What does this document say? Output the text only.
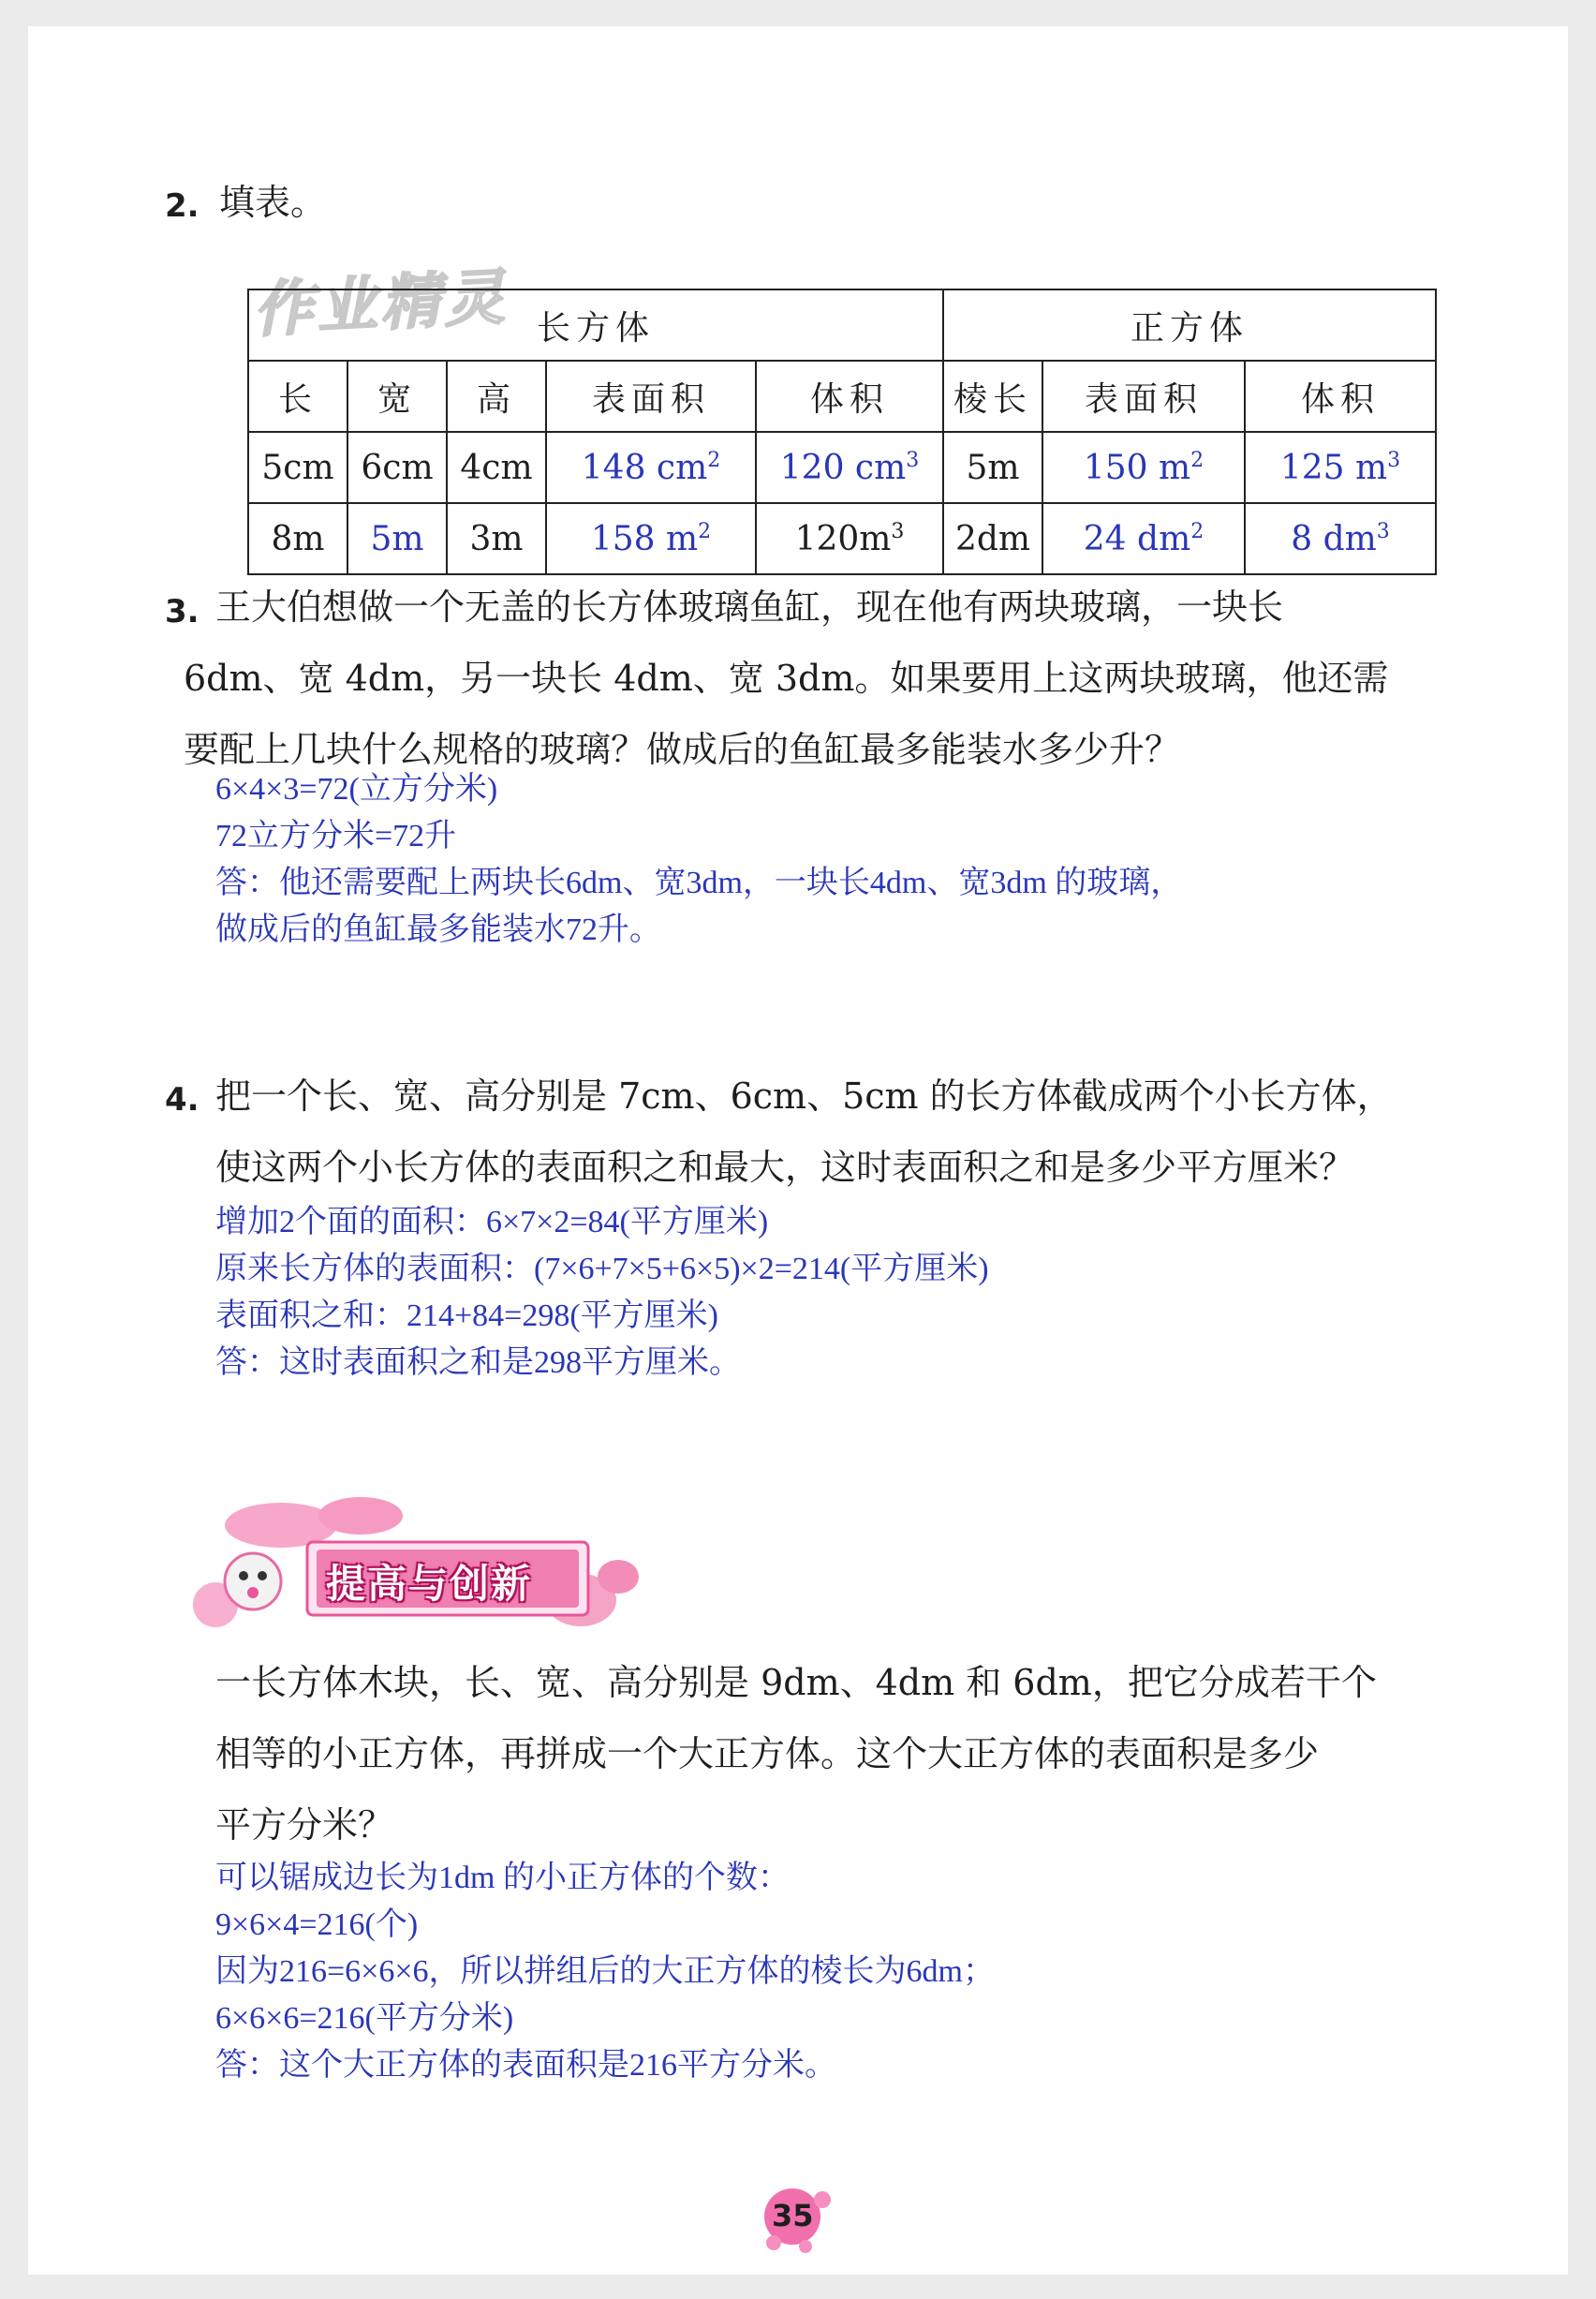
2. 填表。
作业精灵 长方体					正方体		
长	宽	高	表面积	体积	棱长	表面积	体积
5cm	6cm	4cm	148 $cm^2$	120 $cm^3$	5m	150 $m^2$	125 $m^3$
8m	5m	3m	158 $m^2$	$120m^3$	2dm	24 $dm^2$	8 $dm^3$
3. 王大伯想做一个无盖的长方体玻璃鱼缸，现在他有两块玻璃，一块长
6dm、宽 4dm，另一块长 4dm、宽 3dm。如果要用上这两块玻璃，他还需
要配上几块什么规格的玻璃？做成后的鱼缸最多能装水多少升？
6×4×3=72(立方分米)
72立方分米=72升
答：他还需要配上两块长6dm、宽3dm，一块长4dm、宽3dm 的玻璃，
做成后的鱼缸最多能装水72升。
4. 把一个长、宽、高分别是 7cm、6cm、5cm 的长方体截成两个小长方体，
使这两个小长方体的表面积之和最大，这时表面积之和是多少平方厘米？
增加2个面的面积：6×7×2=84(平方厘米)
原来长方体的表面积：(7×6+7×5+6×5)×2=214(平方厘米)
表面积之和：214+84=298(平方厘米)
答：这时表面积之和是298平方厘米。
提高与创新
一长方体木块，长、宽、高分别是 9dm、4dm 和 6dm，把它分成若干个
相等的小正方体，再拼成一个大正方体。这个大正方体的表面积是多少
平方分米？
可以锯成边长为1dm 的小正方体的个数：
9×6×4=216(个)
因为216=6×6×6，所以拼组后的大正方体的棱长为6dm；
6×6×6=216(平方分米)
答：这个大正方体的表面积是216平方分米。
35
